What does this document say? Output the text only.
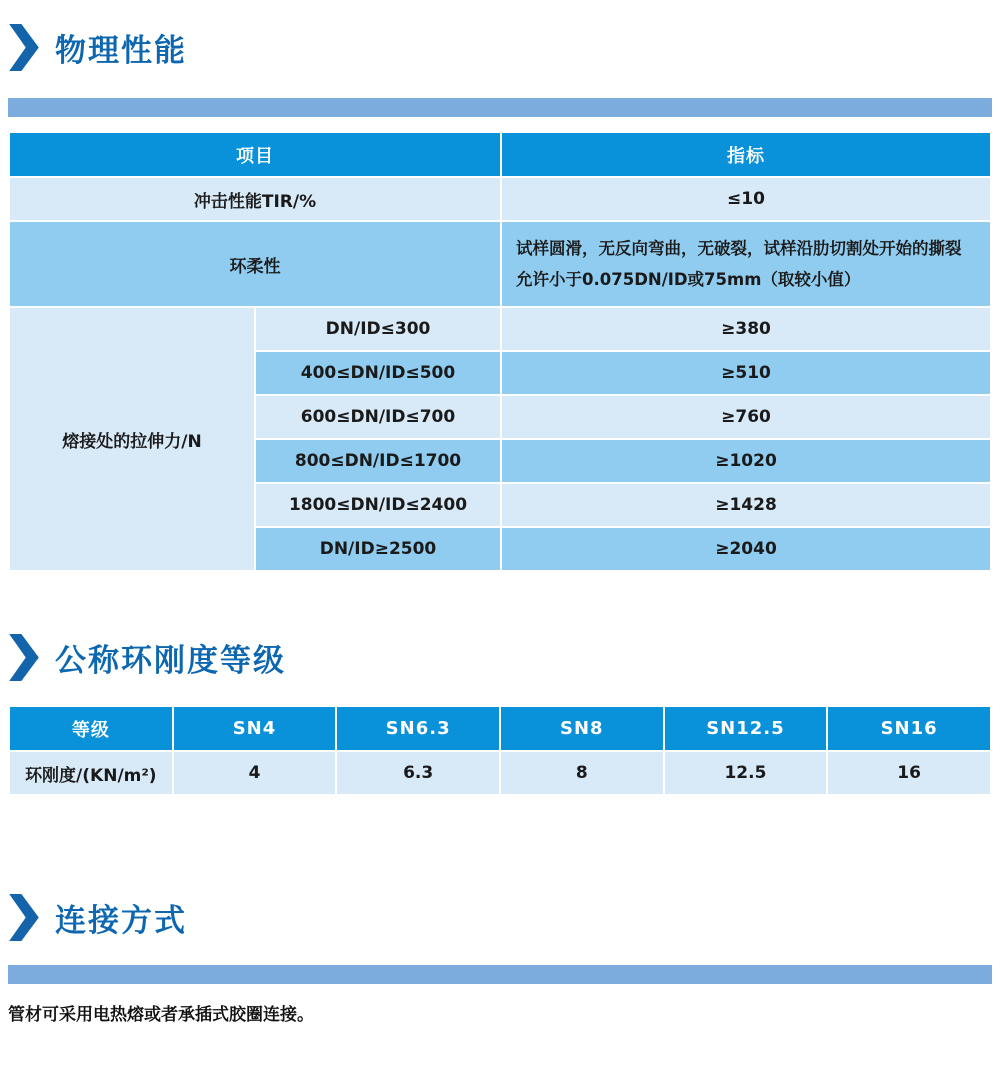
物理性能
项目		指标
冲击性能TIR/%		≤10
环柔性		试样圆滑，无反向弯曲，无破裂，试样沿肋切割处开始的撕裂允许小于0.075DN/ID或75mm（取较小值）
熔接处的拉伸力/N	DN/ID≤300	≥380
	400≤DN/ID≤500	≥510
	600≤DN/ID≤700	≥760
	800≤DN/ID≤1700	≥1020
	1800≤DN/ID≤2400	≥1428
	DN/ID≥2500	≥2040
公称环刚度等级
等级	SN4	SN6.3	SN8	SN12.5	SN16
环刚度/(KN/m²)	4	6.3	8	12.5	16
连接方式

管材可采用电热熔或者承插式胶圈连接。
